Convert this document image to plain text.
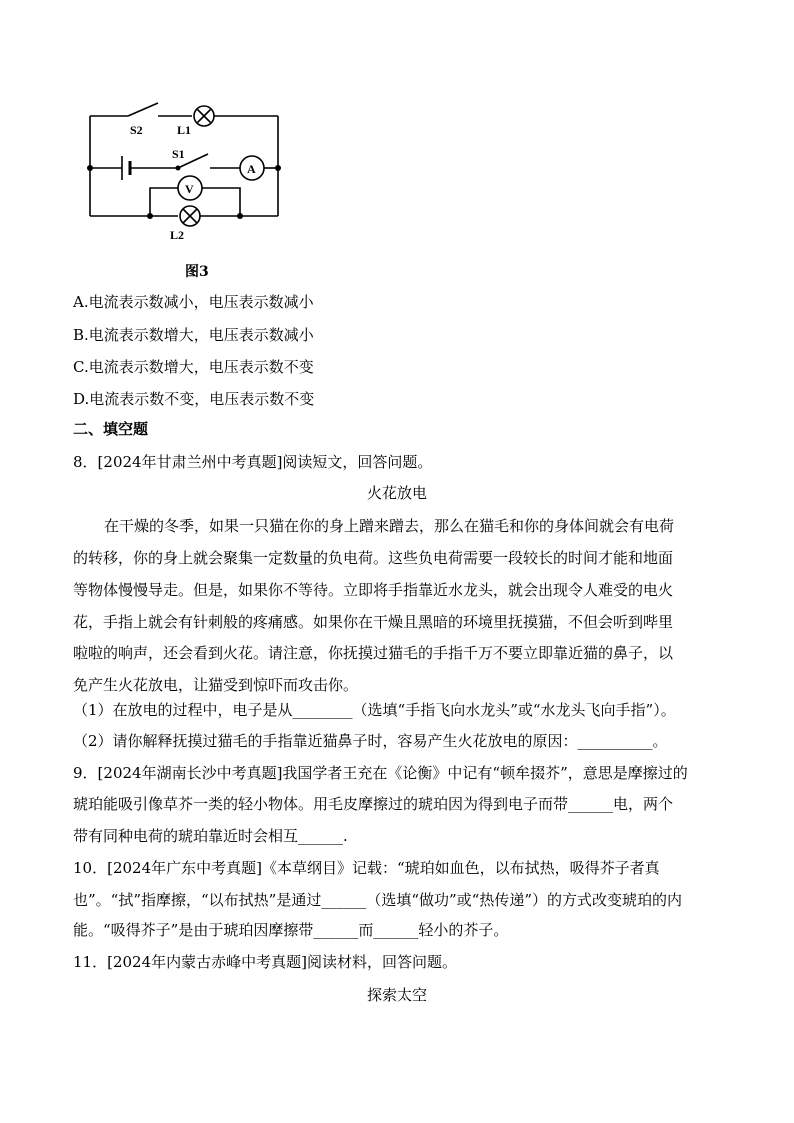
S2	L1
S1
A
V
L2
图3
A.电流表示数减小，电压表示数减小
B.电流表示数增大，电压表示数减小
C.电流表示数增大，电压表示数不变
D.电流表示数不变，电压表示数不变
二、填空题
8．[2024年甘肃兰州中考真题]阅读短文，回答问题。
火花放电
在干燥的冬季，如果一只猫在你的身上蹭来蹭去，那么在猫毛和你的身体间就会有电荷
的转移，你的身上就会聚集一定数量的负电荷。这些负电荷需要一段较长的时间才能和地面
等物体慢慢导走。但是，如果你不等待。立即将手指靠近水龙头，就会出现令人难受的电火
花，手指上就会有针刺般的疼痛感。如果你在干燥且黑暗的环境里抚摸猫，不但会听到哔里
啦啦的响声，还会看到火花。请注意，你抚摸过猫毛的手指千万不要立即靠近猫的鼻子，以
免产生火花放电，让猫受到惊吓而攻击你。
（1）在放电的过程中，电子是从________（选填“手指飞向水龙头”或“水龙头飞向手指”）。
（2）请你解释抚摸过猫毛的手指靠近猫鼻子时，容易产生火花放电的原因：__________。
9．[2024年湖南长沙中考真题]我国学者王充在《论衡》中记有“顿牟掇芥”，意思是摩擦过的
琥珀能吸引像草芥一类的轻小物体。用毛皮摩擦过的琥珀因为得到电子而带______电，两个
带有同种电荷的琥珀靠近时会相互______.
10．[2024年广东中考真题]《本草纲目》记载：“琥珀如血色，以布拭热，吸得芥子者真
也”。“拭”指摩擦，“以布拭热”是通过______（选填“做功”或“热传递”）的方式改变琥珀的内
能。“吸得芥子”是由于琥珀因摩擦带______而______轻小的芥子。
11．[2024年内蒙古赤峰中考真题]阅读材料，回答问题。
探索太空
